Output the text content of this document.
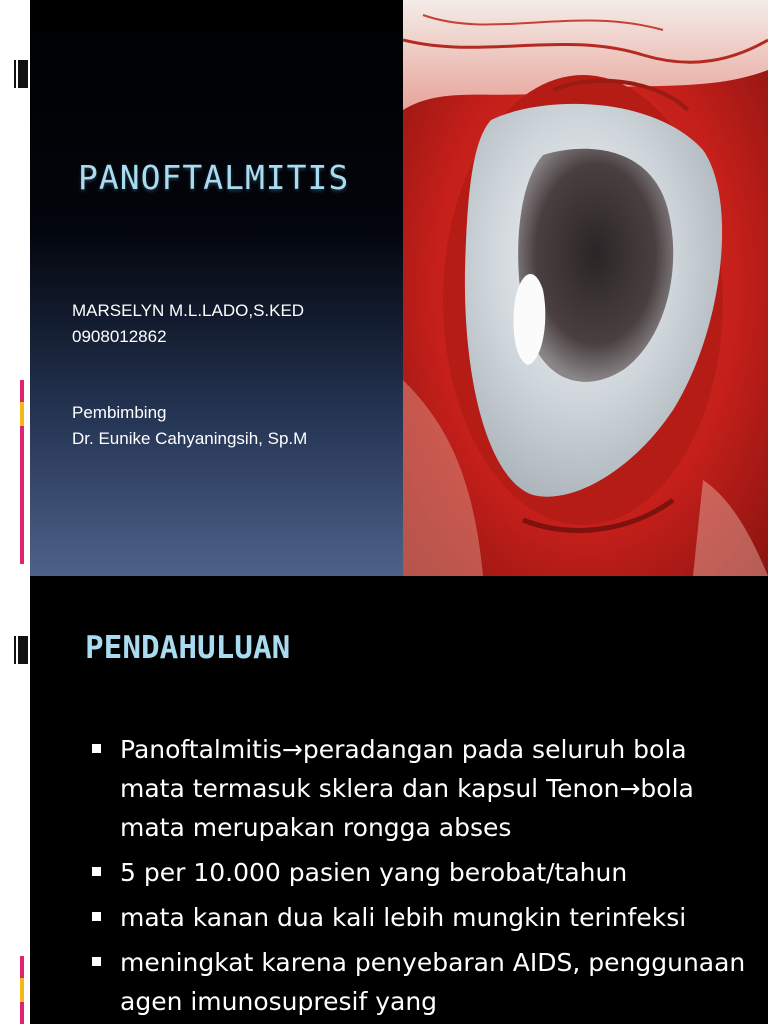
PANOFTALMITIS
MARSELYN M.L.LADO,S.KED
0908012862
Pembimbing
Dr. Eunike Cahyaningsih, Sp.M
PENDAHULUAN
Panoftalmitis→peradangan pada seluruh bola mata termasuk sklera dan kapsul Tenon→bola mata merupakan rongga abses
5 per 10.000 pasien yang berobat/tahun
mata kanan dua kali lebih mungkin terinfeksi
meningkat karena penyebaran AIDS, penggunaan agen imunosupresif yang
